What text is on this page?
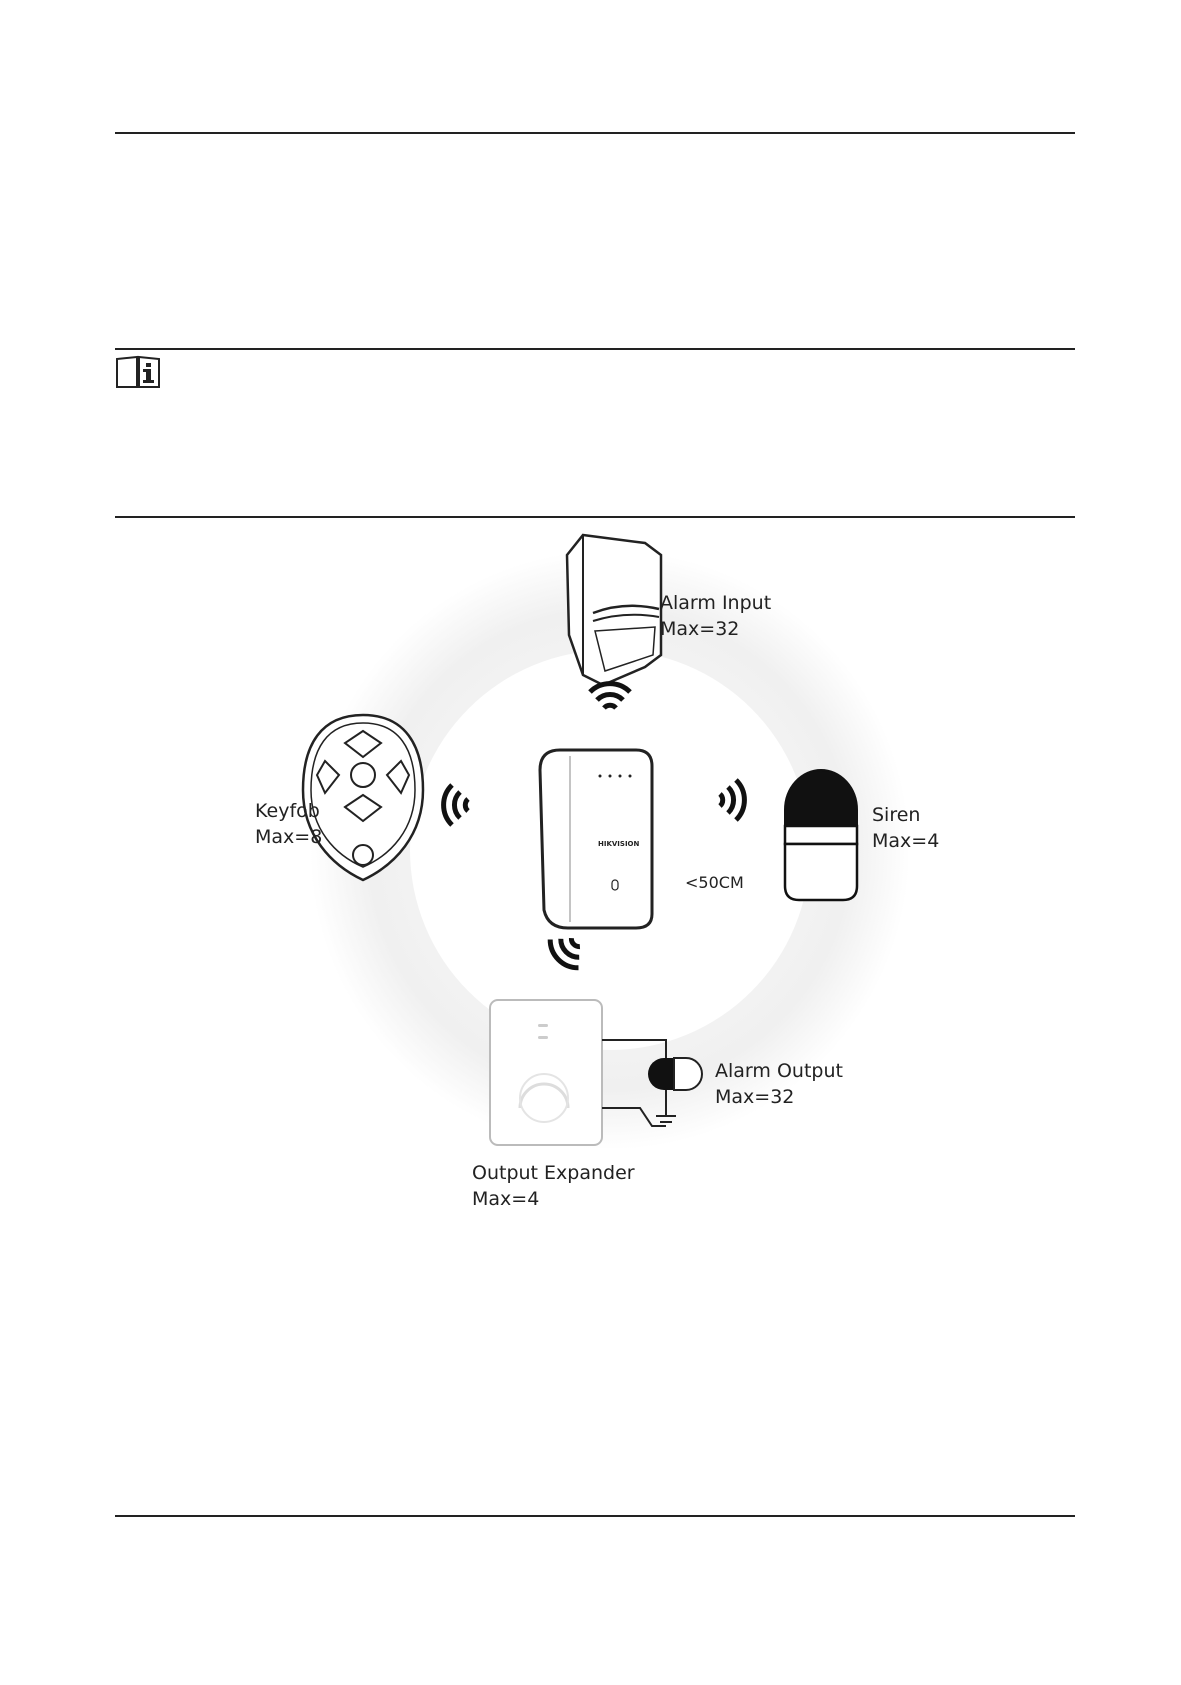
Alarm Input
Max=32
Keyfob
Max=8
Siren
Max=4
<50CM
Alarm Output
Max=32
Output Expander
Max=4
HIKVISION
